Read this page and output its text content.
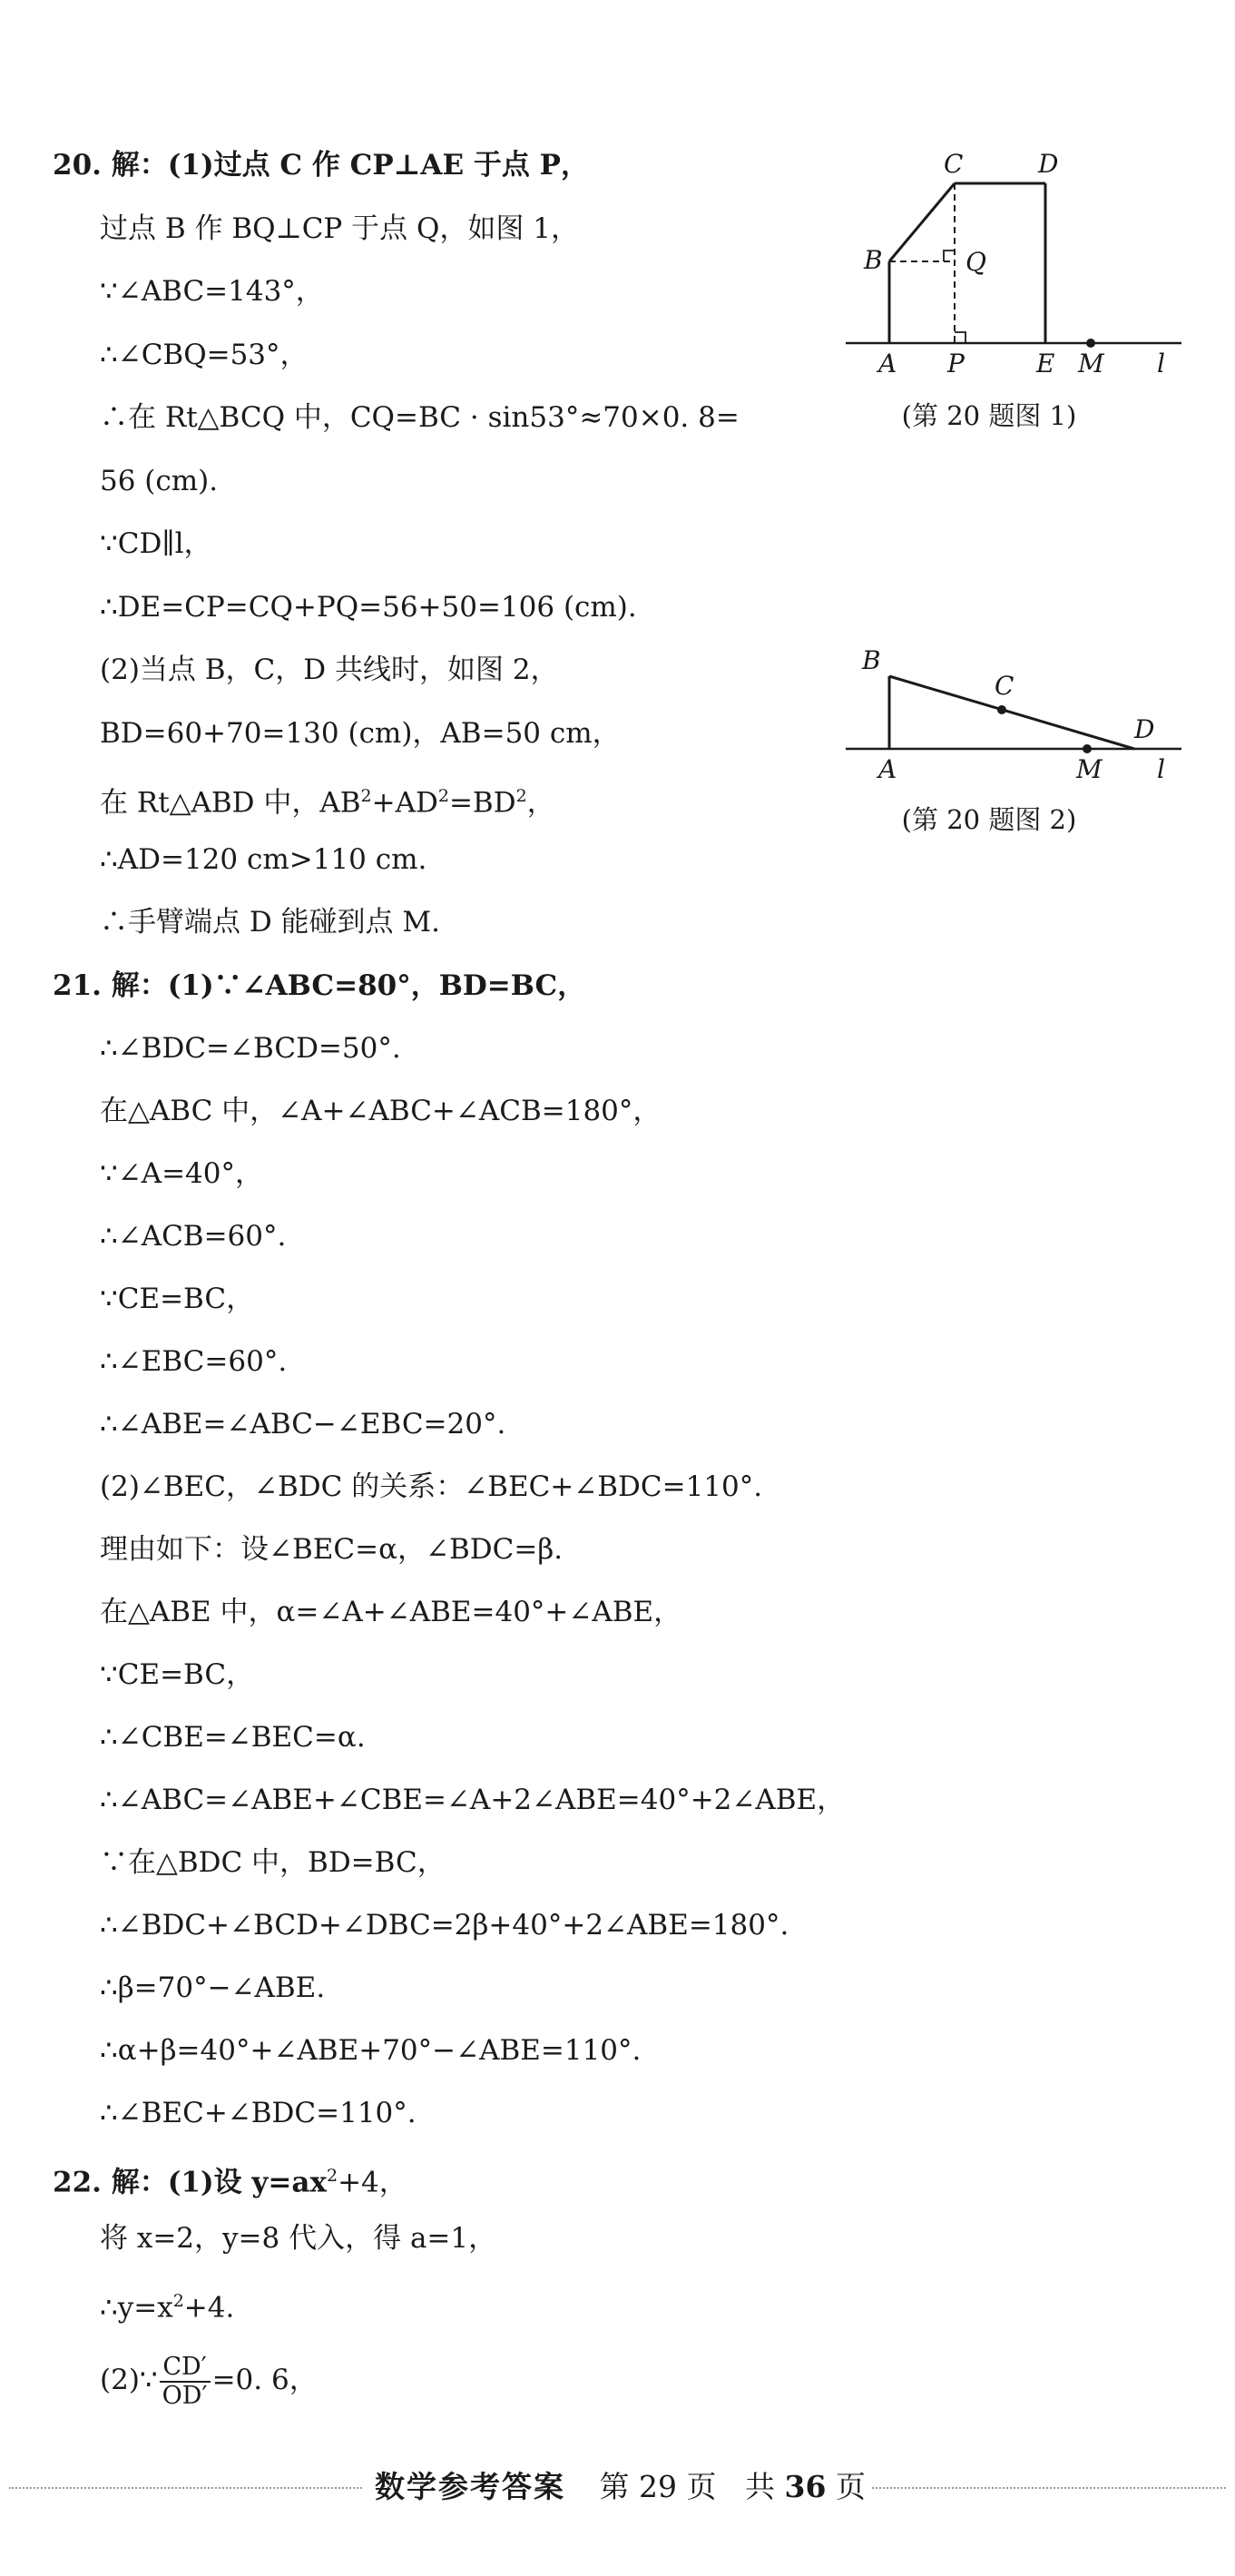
20. 解：(1)过点 C 作 CP⊥AE 于点 P，
过点 B 作 BQ⊥CP 于点 Q，如图 1，
∵∠ABC=143°，
∴∠CBQ=53°，
∴在 Rt△BCQ 中，CQ=BC · sin53°≈70×0. 8=
56 (cm).
∵CD∥l，
∴DE=CP=CQ+PQ=56+50=106 (cm).
(2)当点 B，C，D 共线时，如图 2，
BD=60+70=130 (cm)，AB=50 cm，
在 Rt△ABD 中，$AB^2+AD^2=BD^2$，
∴AD=120 cm>110 cm.
∴手臂端点 D 能碰到点 M.
21. 解：(1)∵∠ABC=80°，BD=BC，
∴∠BDC=∠BCD=50°.
在△ABC 中，∠A+∠ABC+∠ACB=180°，
∵∠A=40°，
∴∠ACB=60°.
∵CE=BC，
∴∠EBC=60°.
∴∠ABE=∠ABC−∠EBC=20°.
(2)∠BEC，∠BDC 的关系：∠BEC+∠BDC=110°.
理由如下：设∠BEC=α，∠BDC=β.
在△ABE 中，α=∠A+∠ABE=40°+∠ABE，
∵CE=BC，
∴∠CBE=∠BEC=α.
∴∠ABC=∠ABE+∠CBE=∠A+2∠ABE=40°+2∠ABE，
∵在△BDC 中，BD=BC，
∴∠BDC+∠BCD+∠DBC=2β+40°+2∠ABE=180°.
∴β=70°−∠ABE.
∴α+β=40°+∠ABE+70°−∠ABE=110°.
∴∠BEC+∠BDC=110°.
22. 解：(1)设 $y=ax^2+4$，
将 x=2，y=8 代入，得 a=1，
$\therefore y=x^2+4$.
(2)∵ $\frac{CD'}{OD'} =0$. 6，
A
B
C	D
P
Q
E M l
(第 20 题图 1)
B
C
D
A	M l
(第 20 题图 2)
数学参考答案 第 29 页 共 36 页
